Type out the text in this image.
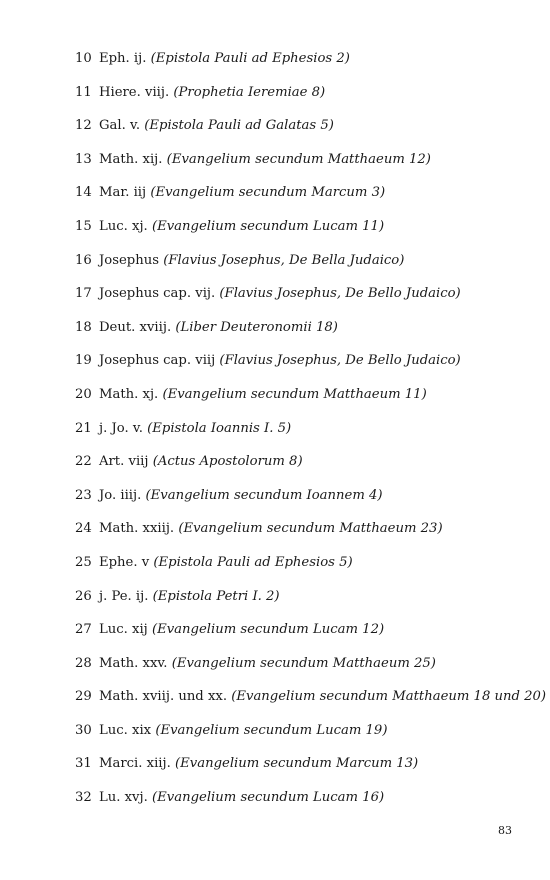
10 Eph. ij. (Epistola Pauli ad Ephesios 2)
11 Hiere. viij. (Prophetia Ieremiae 8)
12 Gal. v. (Epistola Pauli ad Galatas 5)
13 Math. xij. (Evangelium secundum Matthaeum 12)
14 Mar. iij (Evangelium secundum Marcum 3)
15 Luc. xj. (Evangelium secundum Lucam 11)
16 Josephus (Flavius Josephus, De Bella Judaico)
17 Josephus cap. vij. (Flavius Josephus, De Bello Judaico)
18 Deut. xviij. (Liber Deuteronomii 18)
19 Josephus cap. viij (Flavius Josephus, De Bello Judaico)
20 Math. xj. (Evangelium secundum Matthaeum 11)
21 j. Jo. v. (Epistola Ioannis I. 5)
22 Art. viij (Actus Apostolorum 8)
23 Jo. iiij. (Evangelium secundum Ioannem 4)
24 Math. xxiij. (Evangelium secundum Matthaeum 23)
25 Ephe. v (Epistola Pauli ad Ephesios 5)
26 j. Pe. ij. (Epistola Petri I. 2)
27 Luc. xij (Evangelium secundum Lucam 12)
28 Math. xxv. (Evangelium secundum Matthaeum 25)
29 Math. xviij. und xx. (Evangelium secundum Matthaeum 18 und 20)
30 Luc. xix (Evangelium secundum Lucam 19)
31 Marci. xiij. (Evangelium secundum Marcum 13)
32 Lu. xvj. (Evangelium secundum Lucam 16)
83
